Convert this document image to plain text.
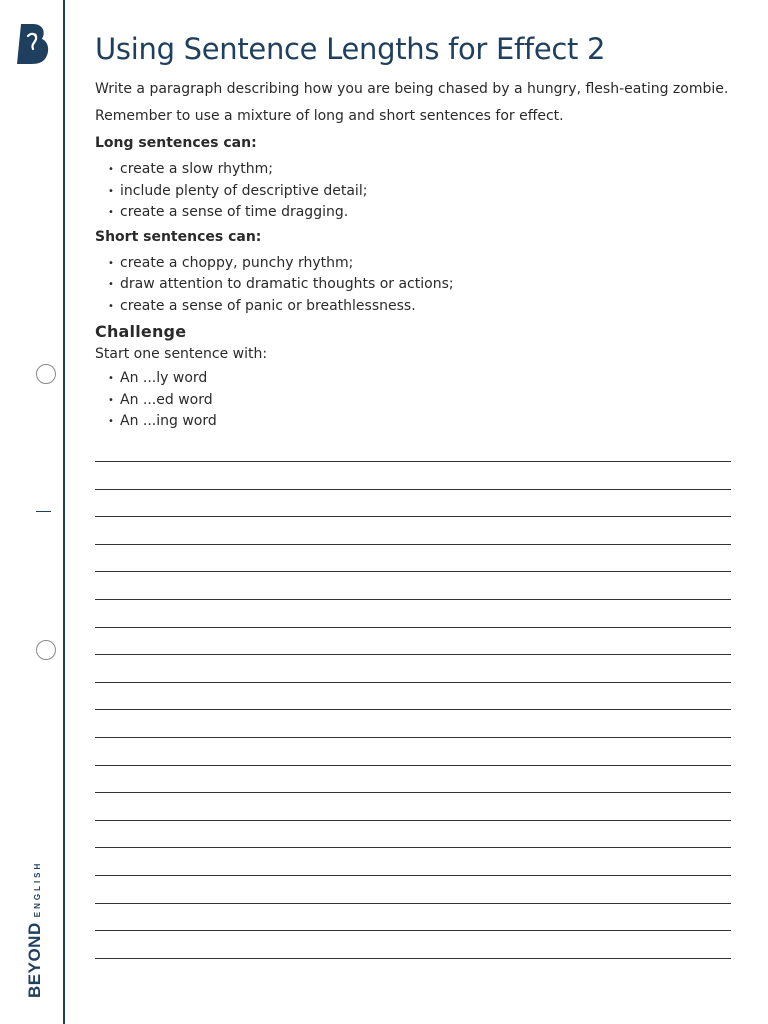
BEYONDENGLISH
Using Sentence Lengths for Effect 2

Write a paragraph describing how you are being chased by a hungry, flesh-eating zombie.

Remember to use a mixture of long and short sentences for effect.

Long sentences can:

• create a slow rhythm;
• include plenty of descriptive detail;
• create a sense of time dragging.

Short sentences can:

• create a choppy, punchy rhythm;
• draw attention to dramatic thoughts or actions;
• create a sense of panic or breathlessness.

Challenge

Start one sentence with:

• An ...ly word
• An ...ed word
• An ...ing word
